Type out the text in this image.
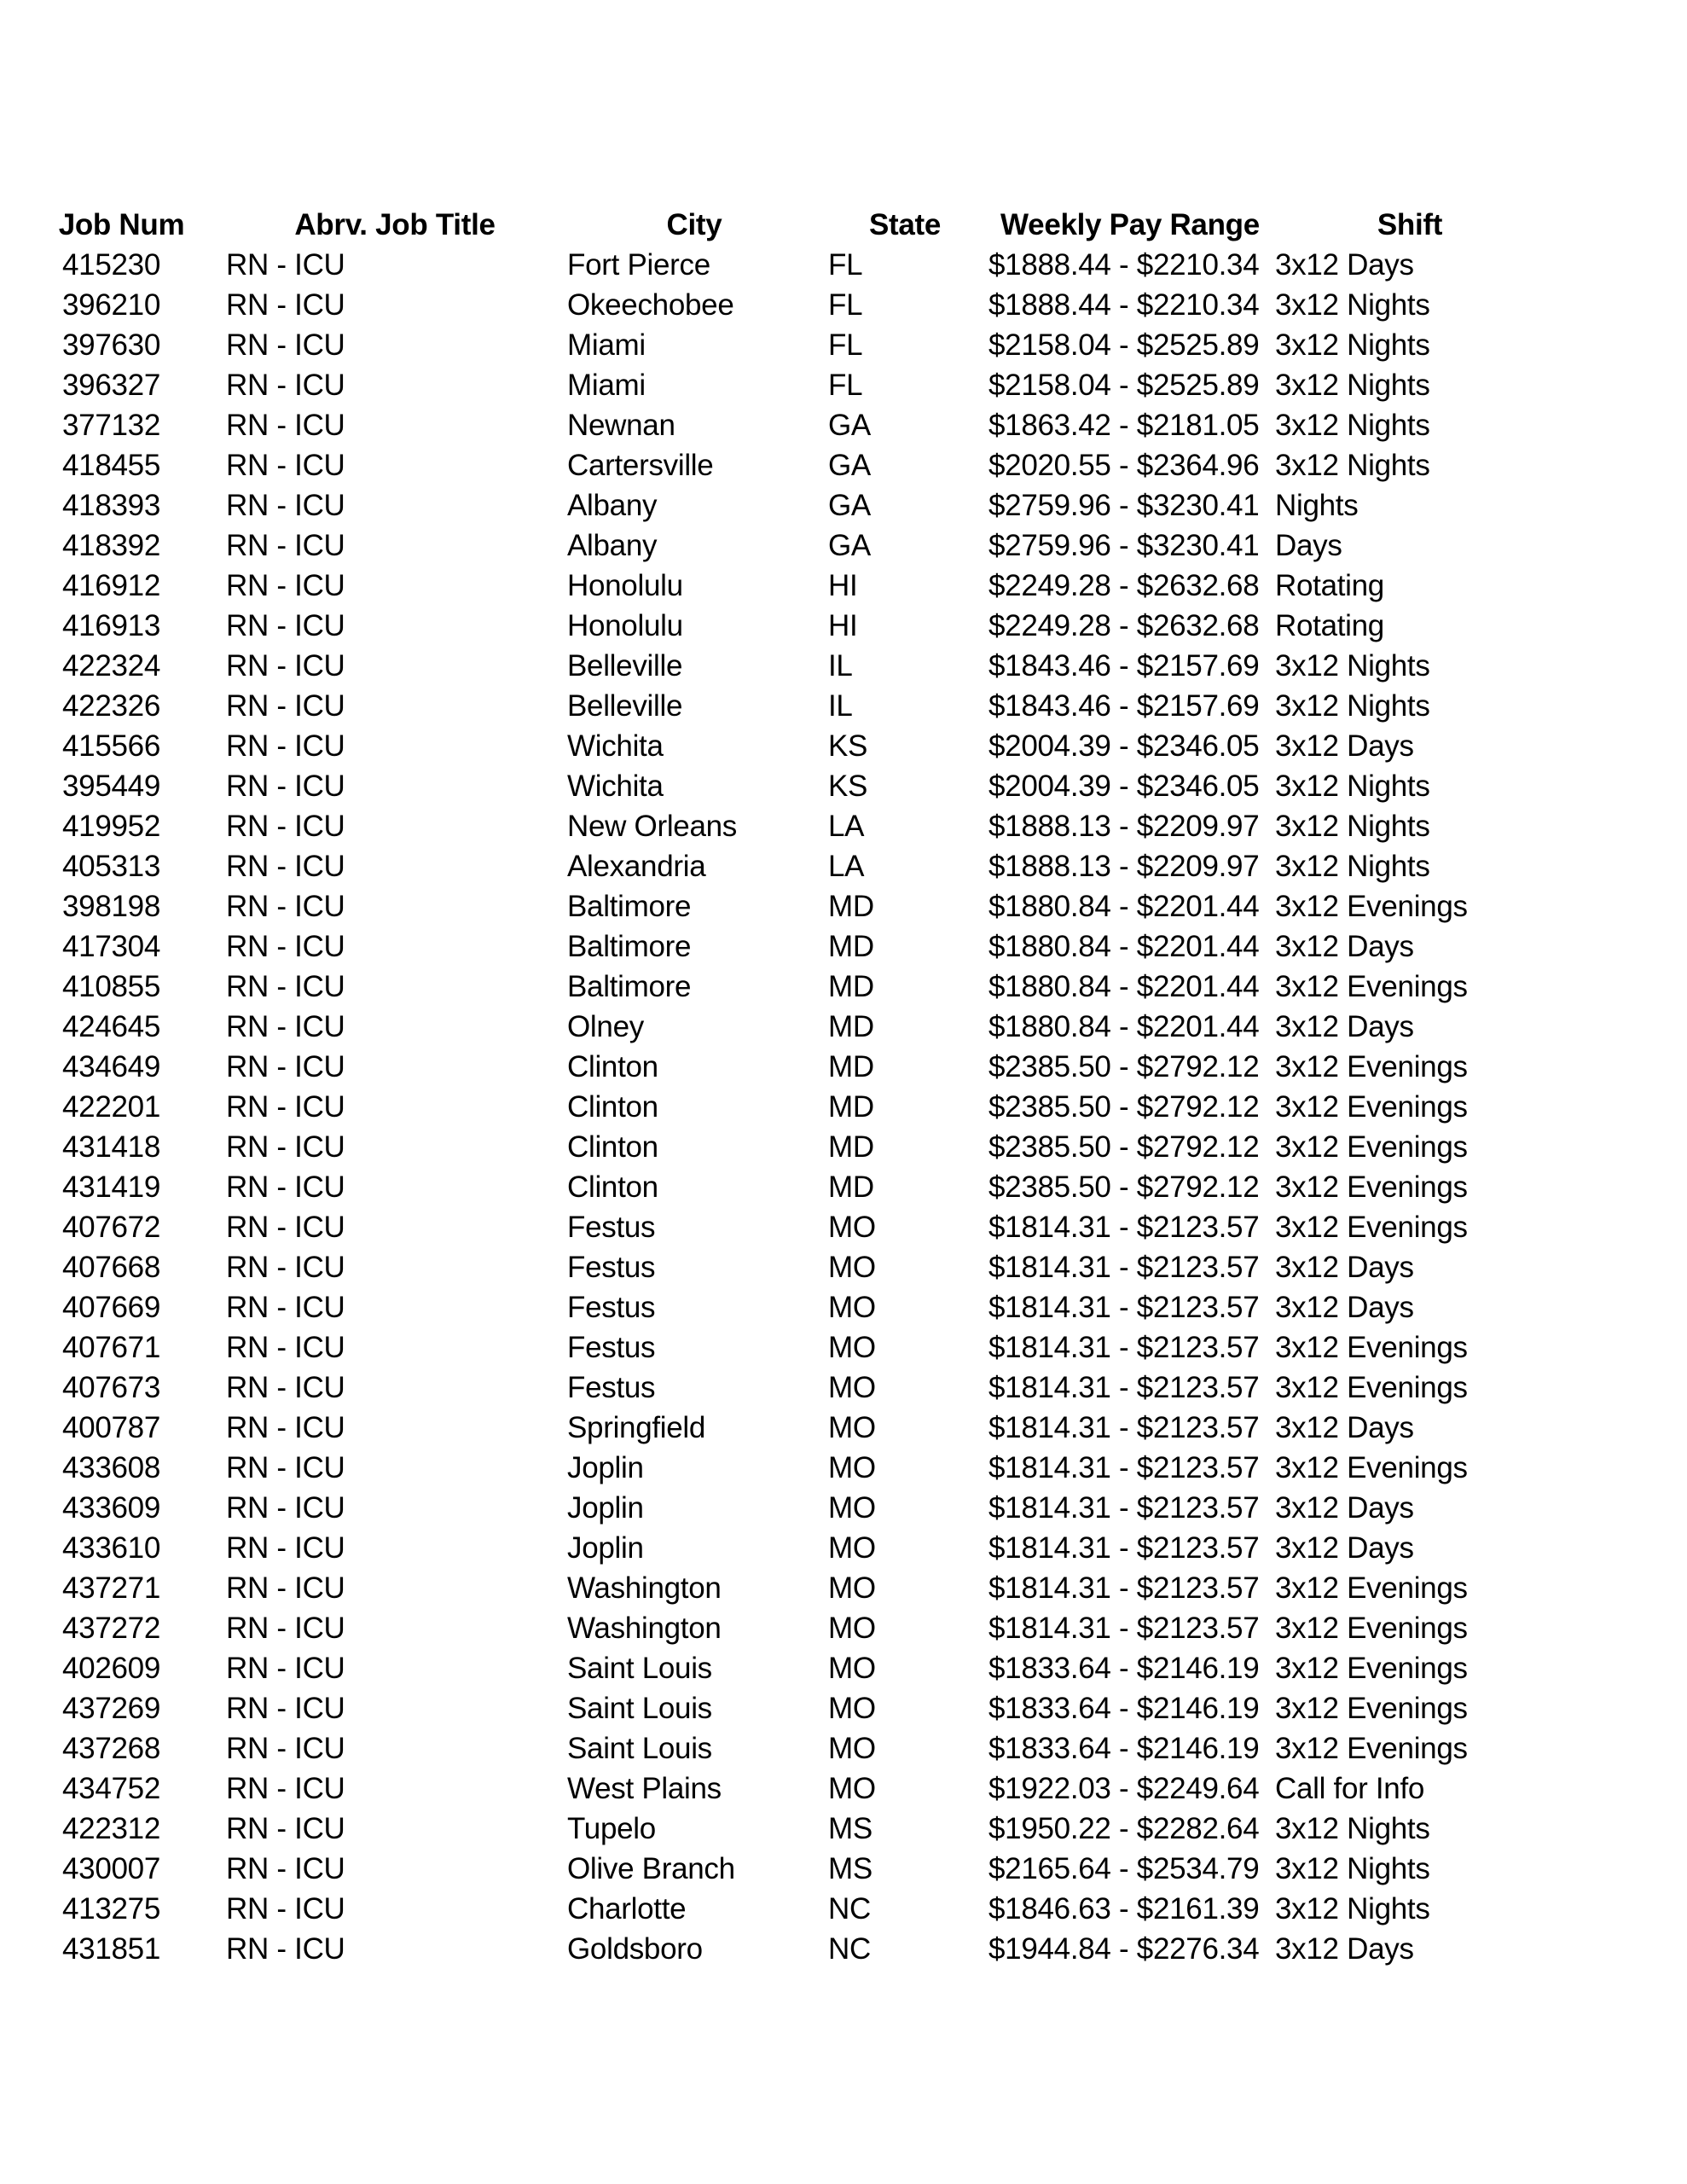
Job Num	Abrv. Job Title	City	State	Weekly Pay Range	Shift
415230	RN - ICU	Fort Pierce	FL	$1888.44 - $2210.34 3x12 Days
396210	RN - ICU	Okeechobee	FL	$1888.44 - $2210.34 3x12 Nights
397630	RN - ICU	Miami	FL	$2158.04 - $2525.89 3x12 Nights
396327	RN - ICU	Miami	FL	$2158.04 - $2525.89 3x12 Nights
377132	RN - ICU	Newnan	GA	$1863.42 - $2181.05 3x12 Nights
418455	RN - ICU	Cartersville	GA	$2020.55 - $2364.96 3x12 Nights
418393	RN - ICU	Albany	GA	$2759.96 - $3230.41 Nights
418392	RN - ICU	Albany	GA	$2759.96 - $3230.41 Days
416912	RN - ICU	Honolulu	HI	$2249.28 - $2632.68 Rotating
416913	RN - ICU	Honolulu	HI	$2249.28 - $2632.68 Rotating
422324	RN - ICU	Belleville	IL	$1843.46 - $2157.69 3x12 Nights
422326	RN - ICU	Belleville	IL	$1843.46 - $2157.69 3x12 Nights
415566	RN - ICU	Wichita	KS	$2004.39 - $2346.05 3x12 Days
395449	RN - ICU	Wichita	KS	$2004.39 - $2346.05 3x12 Nights
419952	RN - ICU	New Orleans	LA	$1888.13 - $2209.97 3x12 Nights
405313	RN - ICU	Alexandria	LA	$1888.13 - $2209.97 3x12 Nights
398198	RN - ICU	Baltimore	MD	$1880.84 - $2201.44 3x12 Evenings
417304	RN - ICU	Baltimore	MD	$1880.84 - $2201.44 3x12 Days
410855	RN - ICU	Baltimore	MD	$1880.84 - $2201.44 3x12 Evenings
424645	RN - ICU	Olney	MD	$1880.84 - $2201.44 3x12 Days
434649	RN - ICU	Clinton	MD	$2385.50 - $2792.12 3x12 Evenings
422201	RN - ICU	Clinton	MD	$2385.50 - $2792.12 3x12 Evenings
431418	RN - ICU	Clinton	MD	$2385.50 - $2792.12 3x12 Evenings
431419	RN - ICU	Clinton	MD	$2385.50 - $2792.12 3x12 Evenings
407672	RN - ICU	Festus	MO	$1814.31 - $2123.57 3x12 Evenings
407668	RN - ICU	Festus	MO	$1814.31 - $2123.57 3x12 Days
407669	RN - ICU	Festus	MO	$1814.31 - $2123.57 3x12 Days
407671	RN - ICU	Festus	MO	$1814.31 - $2123.57 3x12 Evenings
407673	RN - ICU	Festus	MO	$1814.31 - $2123.57 3x12 Evenings
400787	RN - ICU	Springfield	MO	$1814.31 - $2123.57 3x12 Days
433608	RN - ICU	Joplin	MO	$1814.31 - $2123.57 3x12 Evenings
433609	RN - ICU	Joplin	MO	$1814.31 - $2123.57 3x12 Days
433610	RN - ICU	Joplin	MO	$1814.31 - $2123.57 3x12 Days
437271	RN - ICU	Washington	MO	$1814.31 - $2123.57 3x12 Evenings
437272	RN - ICU	Washington	MO	$1814.31 - $2123.57 3x12 Evenings
402609	RN - ICU	Saint Louis	MO	$1833.64 - $2146.19 3x12 Evenings
437269	RN - ICU	Saint Louis	MO	$1833.64 - $2146.19 3x12 Evenings
437268	RN - ICU	Saint Louis	MO	$1833.64 - $2146.19 3x12 Evenings
434752	RN - ICU	West Plains	MO	$1922.03 - $2249.64 Call for Info
422312	RN - ICU	Tupelo	MS	$1950.22 - $2282.64 3x12 Nights
430007	RN - ICU	Olive Branch	MS	$2165.64 - $2534.79 3x12 Nights
413275	RN - ICU	Charlotte	NC	$1846.63 - $2161.39 3x12 Nights
431851	RN - ICU	Goldsboro	NC	$1944.84 - $2276.34 3x12 Days
